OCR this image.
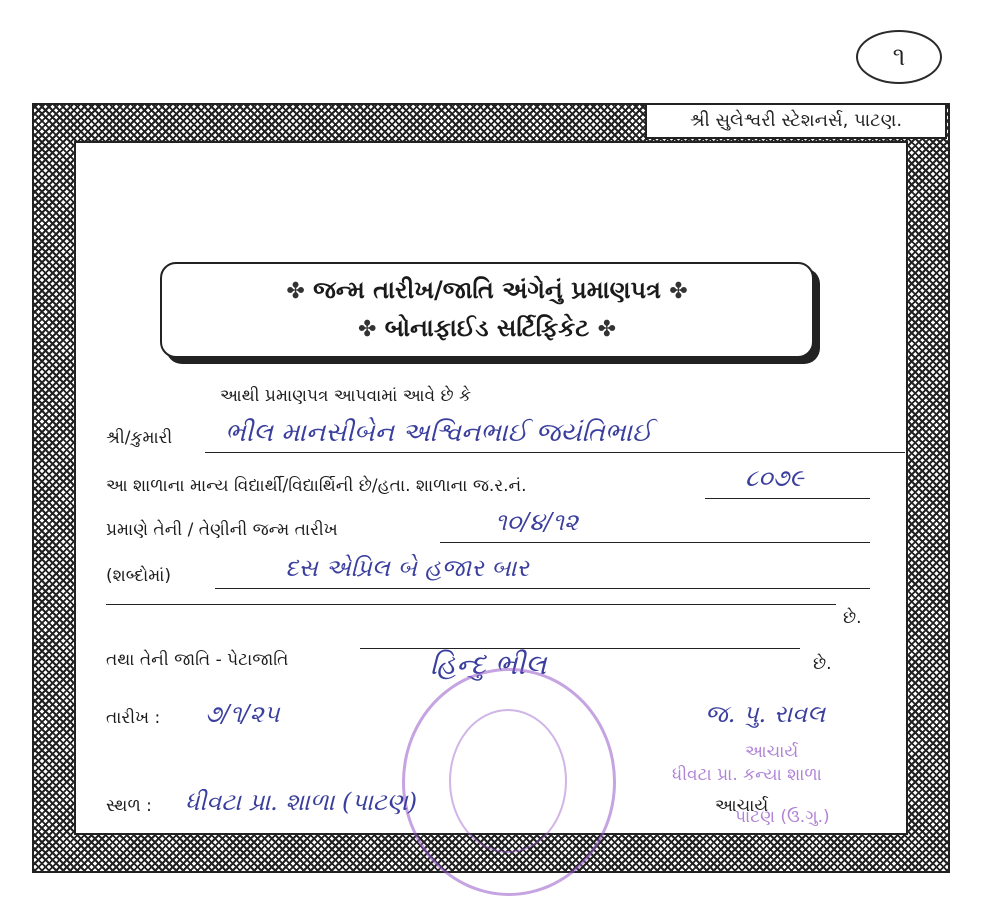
૧
શ્રી સુલેશ્વરી સ્ટેશનર્સ, પાટણ.
✤ જન્મ તારીખ/જાતિ અંગેનું પ્રમાણપત્ર ✤
✤ બોનાફાઈડ સર્ટિફિકેટ ✤
આથી પ્રમાણપત્ર આપવામાં આવે છે કે
શ્રી/કુમારી ભીલ માનસીબેન અશ્વિનભાઈ જયંતિભાઈ
આ શાળાના માન્ય વિદ્યાર્થી/વિદ્યાર્થિની છે/હતા. શાળાના જ.ર.નં.	૮૦૭૯
પ્રમાણે તેની / તેણીની જન્મ તારીખ	૧૦/૪/૧૨
(શબ્દોમાં)	દસ એપ્રિલ બે હજાર બાર
છે.
તથા તેની જાતિ - પેટાજાતિ	હિન્દુ ભીલ	છે.
તારીખ : ૭/૧/૨૫	જ. પુ. રાવલ
આચાર્ય
ધીવટા પ્રા. કન્યા શાળા
પાટણ (ઉ.ગુ.)
સ્થળ : ધીવટા પ્રા. શાળા (પાટણ)	આચાર્ય
